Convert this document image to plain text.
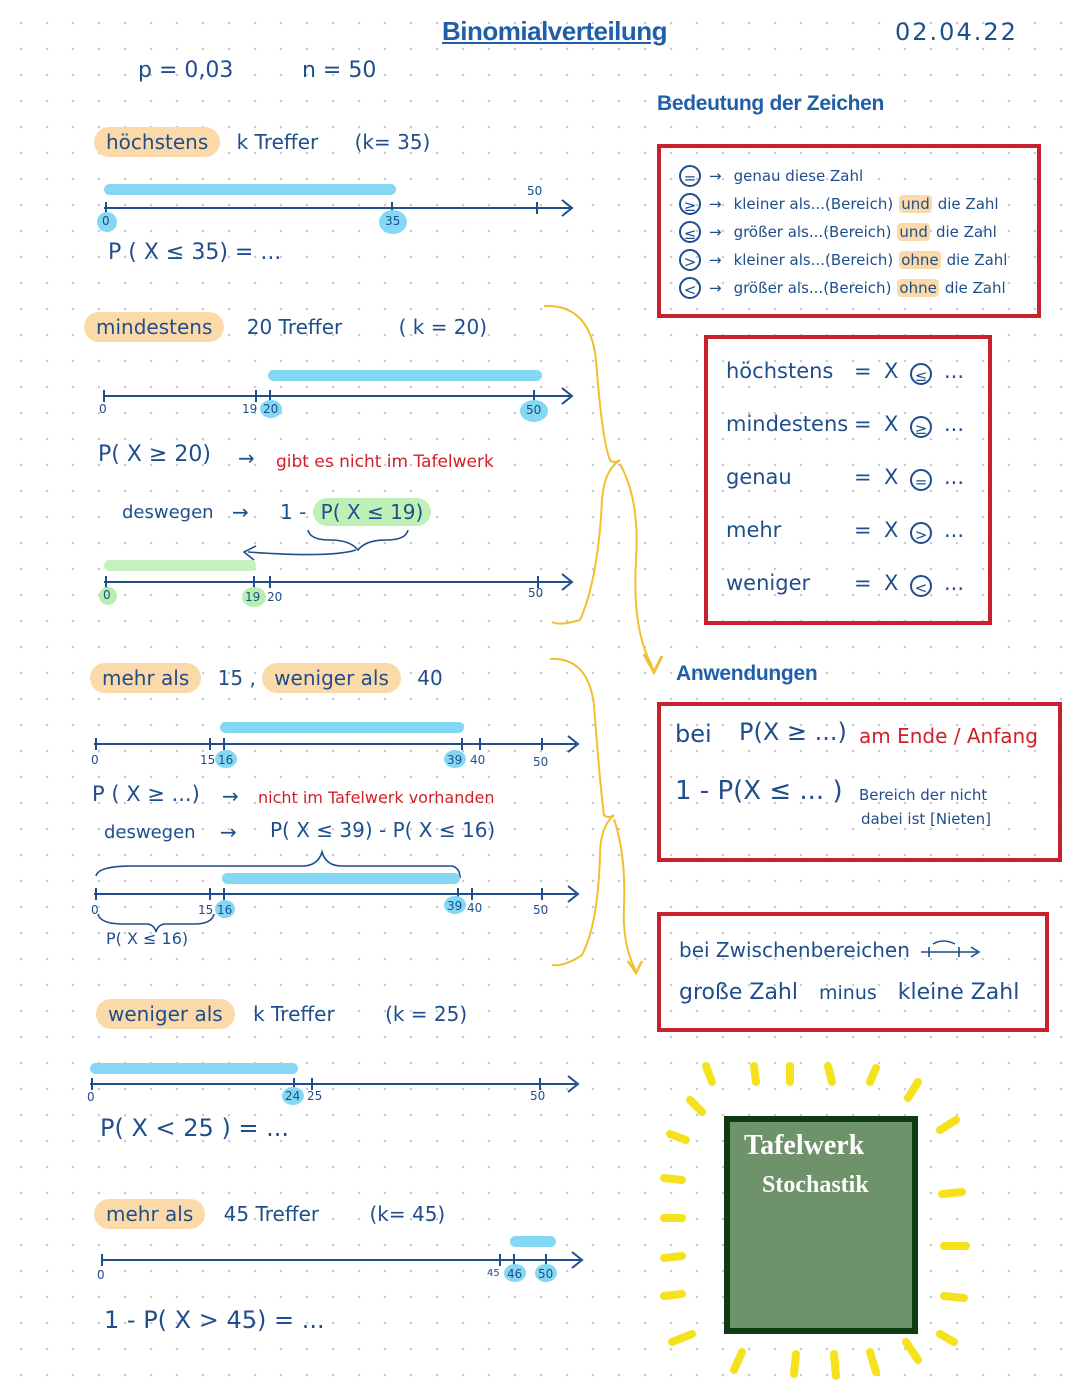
Binomialverteilung	02.04.22
p = 0,03	n = 50
höchstens k Treffer (k= 35)
0	35
50
P ( X ≤ 35) = ...
mindestens 20 Treffer	( k = 20)
0	19 20	50
P( X ≥ 20) → gibt es nicht im Tafelwerk
deswegen → 1 - P( X ≤ 19)
0	19 20	50
mehr als 15 , weniger als 40
0	15 16	39 40	50
P ( X ≥ ...) → nicht im Tafelwerk vorhanden
deswegen → P( X ≤ 39) - P( X ≤ 16)
0	15 16	39 40	50
P( X ≤ 16)
weniger als k Treffer	(k = 25)
0	24 25	50
P( X < 25 ) = ...
mehr als 45 Treffer	(k= 45)
0	45 46 50
1 - P( X > 45) = ...
Bedeutung der Zeichen
= → genau diese Zahl
≥ → kleiner als...(Bereich) und die Zahl
≤ → größer als...(Bereich) und die Zahl
> → kleiner als...(Bereich) ohne die Zahl
< → größer als...(Bereich) ohne die Zahl
höchstens = X	≤ ...
mindestens = X	≥ ...
genau	= X	= ...
mehr	= X	> ...
weniger = X	< ...
Anwendungen
bei P(X ≥ ...) am Ende / Anfang
1 - P(X ≤ ... ) Bereich der nicht
dabei ist [Nieten]
bei Zwischenbereichen
große Zahl minus kleine Zahl
Tafelwerk
Stochastik
